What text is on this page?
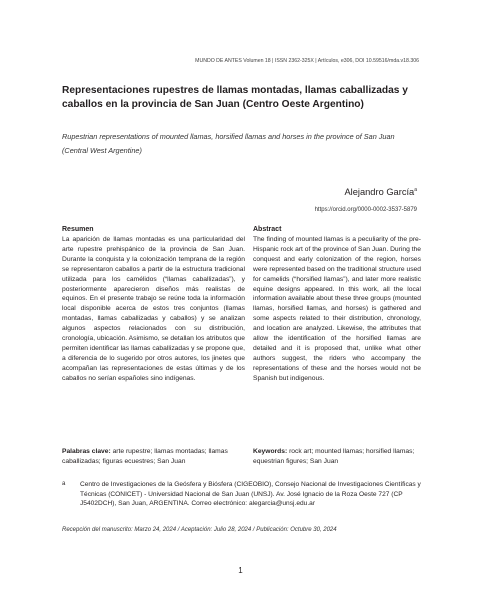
MUNDO DE ANTES Volumen 18 | ISSN 2362-325X | Artículos, e306, DOI 10.59516/mda.v18.306
Representaciones rupestres de llamas montadas, llamas caballizadas y caballos en la provincia de San Juan (Centro Oeste Argentino)

Rupestrian representations of mounted llamas, horsified llamas and horses in the province of San Juan (Central West Argentine)

Alejandro García$^a$
https://orcid.org/0000-0002-3537-5879
Resumen

La aparición de llamas montadas es una particularidad del arte rupestre prehispánico de la provincia de San Juan. Durante la conquista y la colonización temprana de la región se representaron caballos a partir de la estructura tradicional utilizada para los camélidos (“llamas caballizadas”), y posteriormente aparecieron diseños más realistas de equinos. En el presente trabajo se reúne toda la información local disponible acerca de estos tres conjuntos (llamas montadas, llamas caballizadas y caballos) y se analizan algunos aspectos relacionados con su distribución, cronología, ubicación. Asimismo, se detallan los atributos que permiten identificar las llamas caballizadas y se propone que, a diferencia de lo sugerido por otros autores, los jinetes que acompañan las representaciones de estas últimas y de los caballos no serían españoles sino indígenas.

Abstract

The finding of mounted llamas is a peculiarity of the pre-Hispanic rock art of the province of San Juan. During the conquest and early colonization of the region, horses were represented based on the traditional structure used for camelids (“horsified llamas”), and later more realistic equine designs appeared. In this work, all the local information available about these three groups (mounted llamas, horsified llamas, and horses) is gathered and some aspects related to their distribution, chronology, and location are analyzed. Likewise, the attributes that allow the identification of the horsified llamas are detailed and it is proposed that, unlike what other authors suggest, the riders who accompany the representations of these and the horses would not be Spanish but indigenous.

Palabras clave: arte rupestre; llamas montadas; llamas caballizadas; figuras ecuestres; San Juan
Keywords: rock art; mounted llamas; horsified llamas; equestrian figures; San Juan
a Centro de Investigaciones de la Geósfera y Biósfera (CIGEOBIO), Consejo Nacional de Investigaciones Científicas y Técnicas (CONICET) - Universidad Nacional de San Juan (UNSJ). Av. José Ignacio de la Roza Oeste 727 (CP J5402DCH), San Juan, ARGENTINA. Correo electrónico: alegarcia@unsj.edu.ar
Recepción del manuscrito: Marzo 24, 2024 / Aceptación: Julio 28, 2024 / Publicación: Octubre 30, 2024
1
